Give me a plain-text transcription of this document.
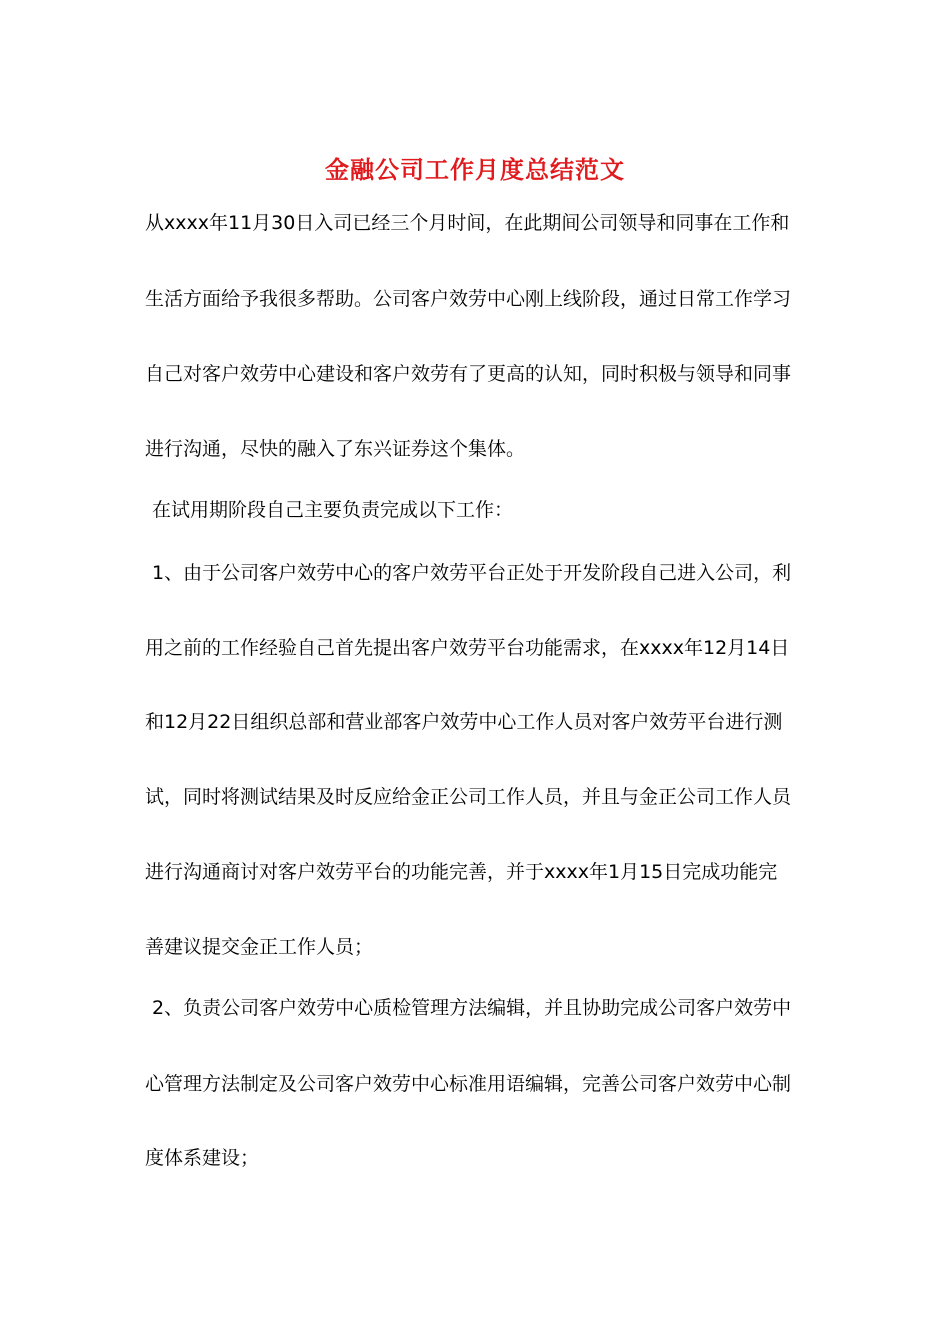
金融公司工作月度总结范文
从xxxx年11月30日入司已经三个月时间，在此期间公司领导和同事在工作和
生活方面给予我很多帮助。公司客户效劳中心刚上线阶段，通过日常工作学习
自己对客户效劳中心建设和客户效劳有了更高的认知，同时积极与领导和同事
进行沟通，尽快的融入了东兴证券这个集体。
在试用期阶段自己主要负责完成以下工作：
1、由于公司客户效劳中心的客户效劳平台正处于开发阶段自己进入公司，利
用之前的工作经验自己首先提出客户效劳平台功能需求，在xxxx年12月14日
和12月22日组织总部和营业部客户效劳中心工作人员对客户效劳平台进行测
试，同时将测试结果及时反应给金正公司工作人员，并且与金正公司工作人员
进行沟通商讨对客户效劳平台的功能完善，并于xxxx年1月15日完成功能完
善建议提交金正工作人员；
2、负责公司客户效劳中心质检管理方法编辑，并且协助完成公司客户效劳中
心管理方法制定及公司客户效劳中心标准用语编辑，完善公司客户效劳中心制
度体系建设；
